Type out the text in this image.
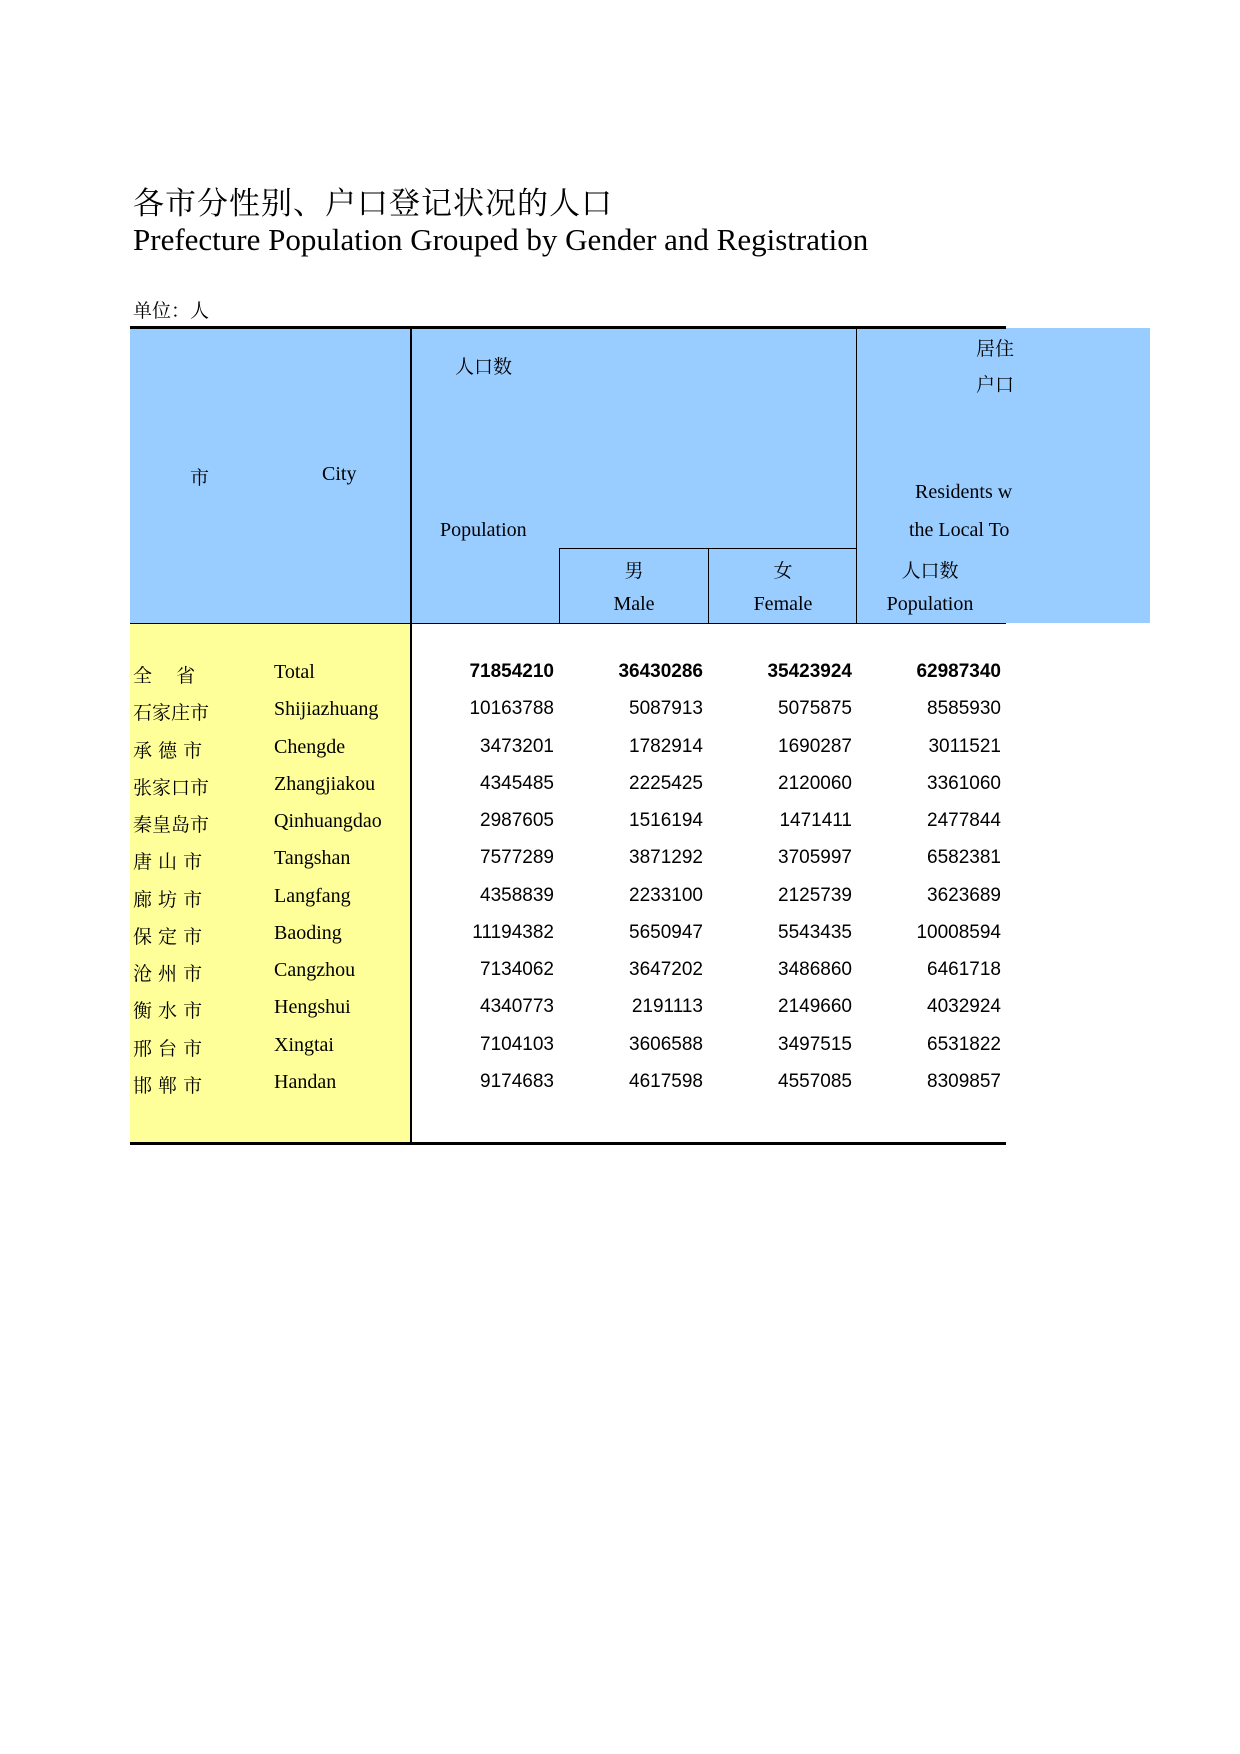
各市分性别、户口登记状况的人口
Prefecture Population Grouped by Gender and Registration
单位：人
市	City
人口数
Population
男
Male
女
Female
居住
户口
Residents w
the Local To
人口数
Population
全    省	Total	71854210	36430286	35423924	62987340
石家庄市	Shijiazhuang	10163788	5087913	5075875	8585930
承 德 市	Chengde	3473201	1782914	1690287	3011521
张家口市	Zhangjiakou	4345485	2225425	2120060	3361060
秦皇岛市	Qinhuangdao	2987605	1516194	1471411	2477844
唐 山 市	Tangshan	7577289	3871292	3705997	6582381
廊 坊 市	Langfang	4358839	2233100	2125739	3623689
保 定 市	Baoding	11194382	5650947	5543435	10008594
沧 州 市	Cangzhou	7134062	3647202	3486860	6461718
衡 水 市	Hengshui	4340773	2191113	2149660	4032924
邢 台 市	Xingtai	7104103	3606588	3497515	6531822
邯 郸 市	Handan	9174683	4617598	4557085	8309857
